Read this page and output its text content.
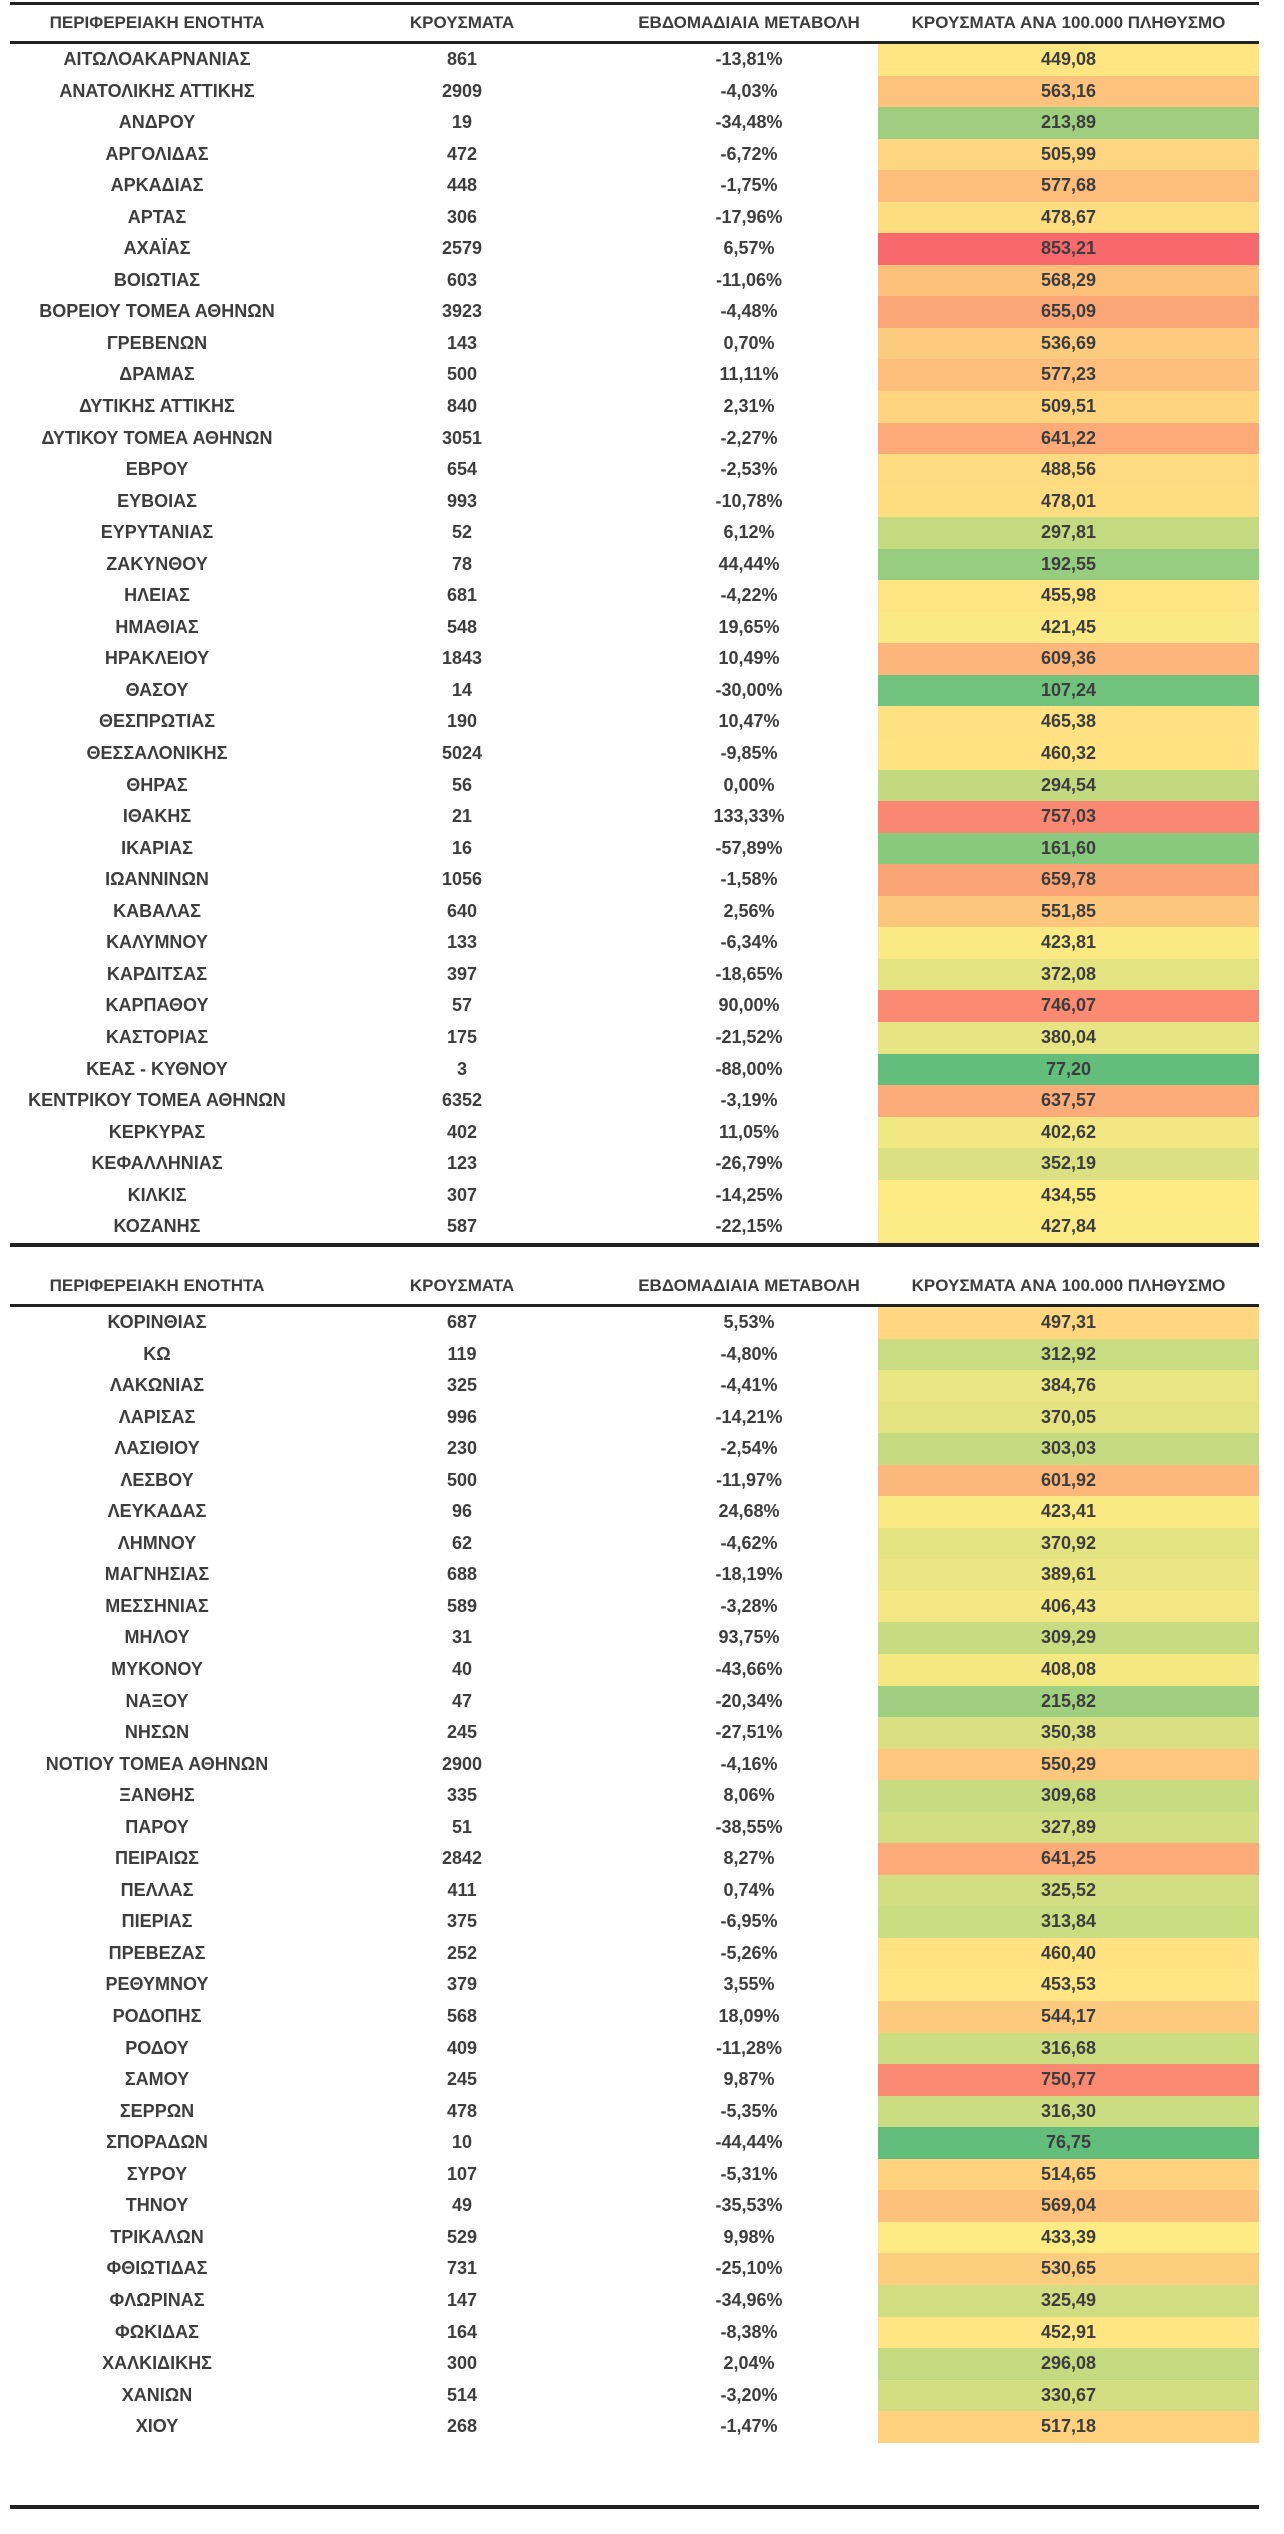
ΠΕΡΙΦΕΡΕΙΑΚΗ ΕΝΟΤΗΤΑ	ΚΡΟΥΣΜΑΤΑ	ΕΒΔΟΜΑΔΙΑΙΑ ΜΕΤΑΒΟΛΗ	ΚΡΟΥΣΜΑΤΑ ΑΝΑ 100.000 ΠΛΗΘΥΣΜΟ
ΑΙΤΩΛΟΑΚΑΡΝΑΝΙΑΣ	861	-13,81%	449,08
ΑΝΑΤΟΛΙΚΗΣ ΑΤΤΙΚΗΣ	2909	-4,03%	563,16
ΑΝΔΡΟΥ	19	-34,48%	213,89
ΑΡΓΟΛΙΔΑΣ	472	-6,72%	505,99
ΑΡΚΑΔΙΑΣ	448	-1,75%	577,68
ΑΡΤΑΣ	306	-17,96%	478,67
ΑΧΑΪΑΣ	2579	6,57%	853,21
ΒΟΙΩΤΙΑΣ	603	-11,06%	568,29
ΒΟΡΕΙΟΥ ΤΟΜΕΑ ΑΘΗΝΩΝ	3923	-4,48%	655,09
ΓΡΕΒΕΝΩΝ	143	0,70%	536,69
ΔΡΑΜΑΣ	500	11,11%	577,23
ΔΥΤΙΚΗΣ ΑΤΤΙΚΗΣ	840	2,31%	509,51
ΔΥΤΙΚΟΥ ΤΟΜΕΑ ΑΘΗΝΩΝ	3051	-2,27%	641,22
ΕΒΡΟΥ	654	-2,53%	488,56
ΕΥΒΟΙΑΣ	993	-10,78%	478,01
ΕΥΡΥΤΑΝΙΑΣ	52	6,12%	297,81
ΖΑΚΥΝΘΟΥ	78	44,44%	192,55
ΗΛΕΙΑΣ	681	-4,22%	455,98
ΗΜΑΘΙΑΣ	548	19,65%	421,45
ΗΡΑΚΛΕΙΟΥ	1843	10,49%	609,36
ΘΑΣΟΥ	14	-30,00%	107,24
ΘΕΣΠΡΩΤΙΑΣ	190	10,47%	465,38
ΘΕΣΣΑΛΟΝΙΚΗΣ	5024	-9,85%	460,32
ΘΗΡΑΣ	56	0,00%	294,54
ΙΘΑΚΗΣ	21	133,33%	757,03
ΙΚΑΡΙΑΣ	16	-57,89%	161,60
ΙΩΑΝΝΙΝΩΝ	1056	-1,58%	659,78
ΚΑΒΑΛΑΣ	640	2,56%	551,85
ΚΑΛΥΜΝΟΥ	133	-6,34%	423,81
ΚΑΡΔΙΤΣΑΣ	397	-18,65%	372,08
ΚΑΡΠΑΘΟΥ	57	90,00%	746,07
ΚΑΣΤΟΡΙΑΣ	175	-21,52%	380,04
ΚΕΑΣ - ΚΥΘΝΟΥ	3	-88,00%	77,20
ΚΕΝΤΡΙΚΟΥ ΤΟΜΕΑ ΑΘΗΝΩΝ	6352	-3,19%	637,57
ΚΕΡΚΥΡΑΣ	402	11,05%	402,62
ΚΕΦΑΛΛΗΝΙΑΣ	123	-26,79%	352,19
ΚΙΛΚΙΣ	307	-14,25%	434,55
ΚΟΖΑΝΗΣ	587	-22,15%	427,84
ΠΕΡΙΦΕΡΕΙΑΚΗ ΕΝΟΤΗΤΑ	ΚΡΟΥΣΜΑΤΑ	ΕΒΔΟΜΑΔΙΑΙΑ ΜΕΤΑΒΟΛΗ	ΚΡΟΥΣΜΑΤΑ ΑΝΑ 100.000 ΠΛΗΘΥΣΜΟ
ΚΟΡΙΝΘΙΑΣ	687	5,53%	497,31
ΚΩ	119	-4,80%	312,92
ΛΑΚΩΝΙΑΣ	325	-4,41%	384,76
ΛΑΡΙΣΑΣ	996	-14,21%	370,05
ΛΑΣΙΘΙΟΥ	230	-2,54%	303,03
ΛΕΣΒΟΥ	500	-11,97%	601,92
ΛΕΥΚΑΔΑΣ	96	24,68%	423,41
ΛΗΜΝΟΥ	62	-4,62%	370,92
ΜΑΓΝΗΣΙΑΣ	688	-18,19%	389,61
ΜΕΣΣΗΝΙΑΣ	589	-3,28%	406,43
ΜΗΛΟΥ	31	93,75%	309,29
ΜΥΚΟΝΟΥ	40	-43,66%	408,08
ΝΑΞΟΥ	47	-20,34%	215,82
ΝΗΣΩΝ	245	-27,51%	350,38
ΝΟΤΙΟΥ ΤΟΜΕΑ ΑΘΗΝΩΝ	2900	-4,16%	550,29
ΞΑΝΘΗΣ	335	8,06%	309,68
ΠΑΡΟΥ	51	-38,55%	327,89
ΠΕΙΡΑΙΩΣ	2842	8,27%	641,25
ΠΕΛΛΑΣ	411	0,74%	325,52
ΠΙΕΡΙΑΣ	375	-6,95%	313,84
ΠΡΕΒΕΖΑΣ	252	-5,26%	460,40
ΡΕΘΥΜΝΟΥ	379	3,55%	453,53
ΡΟΔΟΠΗΣ	568	18,09%	544,17
ΡΟΔΟΥ	409	-11,28%	316,68
ΣΑΜΟΥ	245	9,87%	750,77
ΣΕΡΡΩΝ	478	-5,35%	316,30
ΣΠΟΡΑΔΩΝ	10	-44,44%	76,75
ΣΥΡΟΥ	107	-5,31%	514,65
ΤΗΝΟΥ	49	-35,53%	569,04
ΤΡΙΚΑΛΩΝ	529	9,98%	433,39
ΦΘΙΩΤΙΔΑΣ	731	-25,10%	530,65
ΦΛΩΡΙΝΑΣ	147	-34,96%	325,49
ΦΩΚΙΔΑΣ	164	-8,38%	452,91
ΧΑΛΚΙΔΙΚΗΣ	300	2,04%	296,08
ΧΑΝΙΩΝ	514	-3,20%	330,67
ΧΙΟΥ	268	-1,47%	517,18
